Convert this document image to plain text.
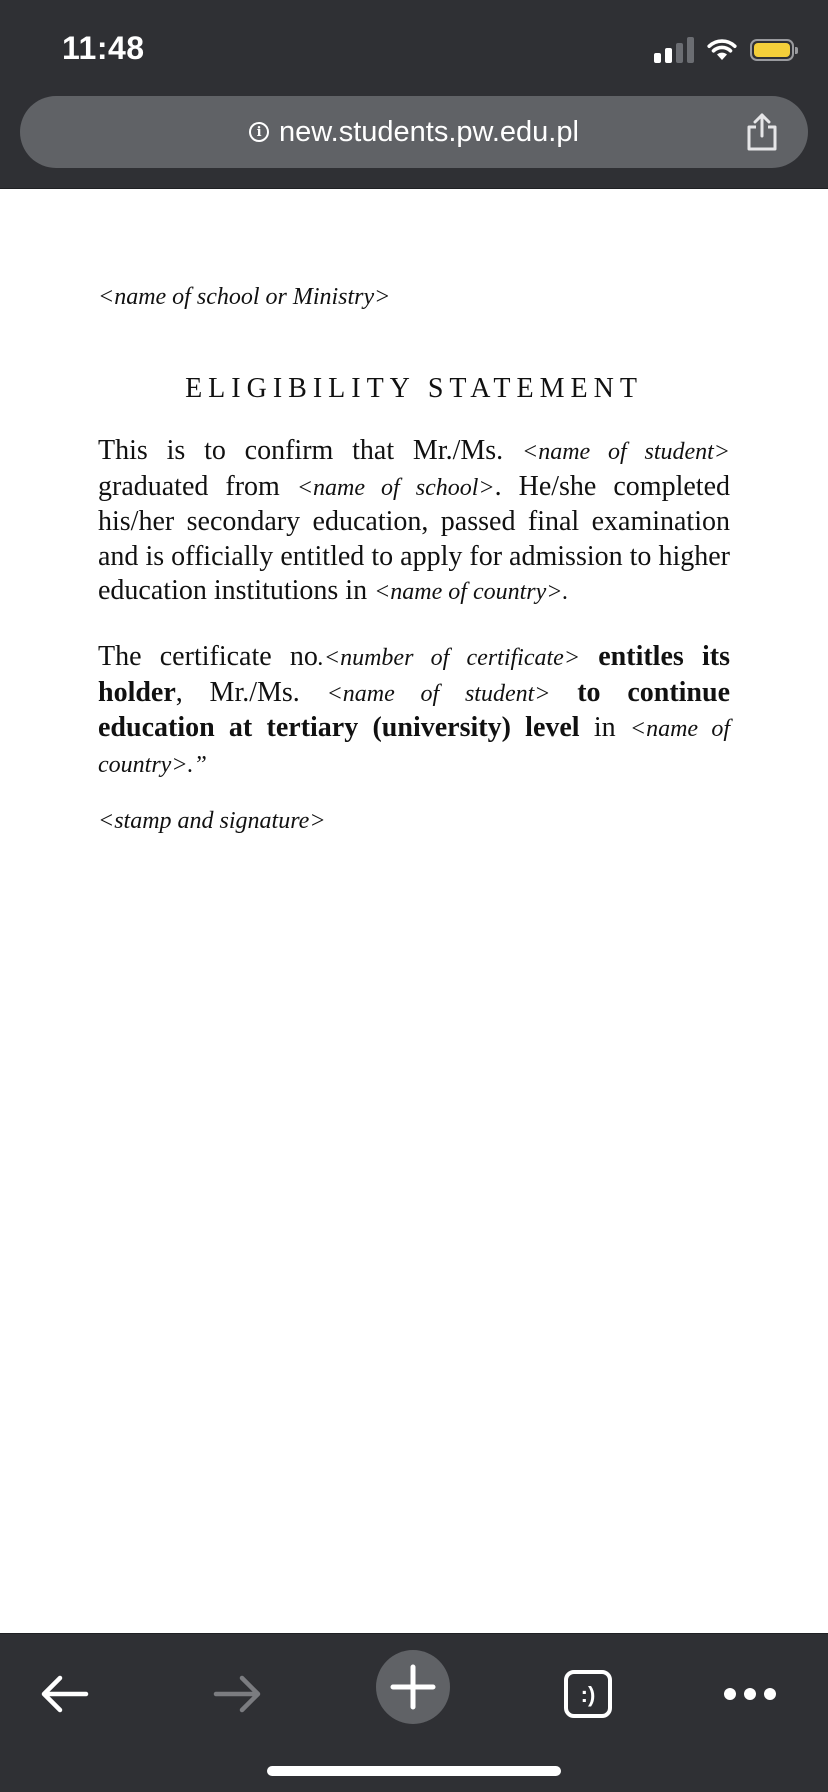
11:48
i new.students.pw.edu.pl
<name of school or Ministry>
ELIGIBILITY STATEMENT
This is to confirm that Mr./Ms. <name of student> graduated from <name of school>. He/she completed his/her secondary education, passed final examination and is officially entitled to apply for admission to higher education institutions in <name of country>.
The certificate no.<number of certificate> entitles its holder, Mr./Ms. <name of student> to continue education at tertiary (university) level in <name of country>.”
<stamp and signature>
:)
